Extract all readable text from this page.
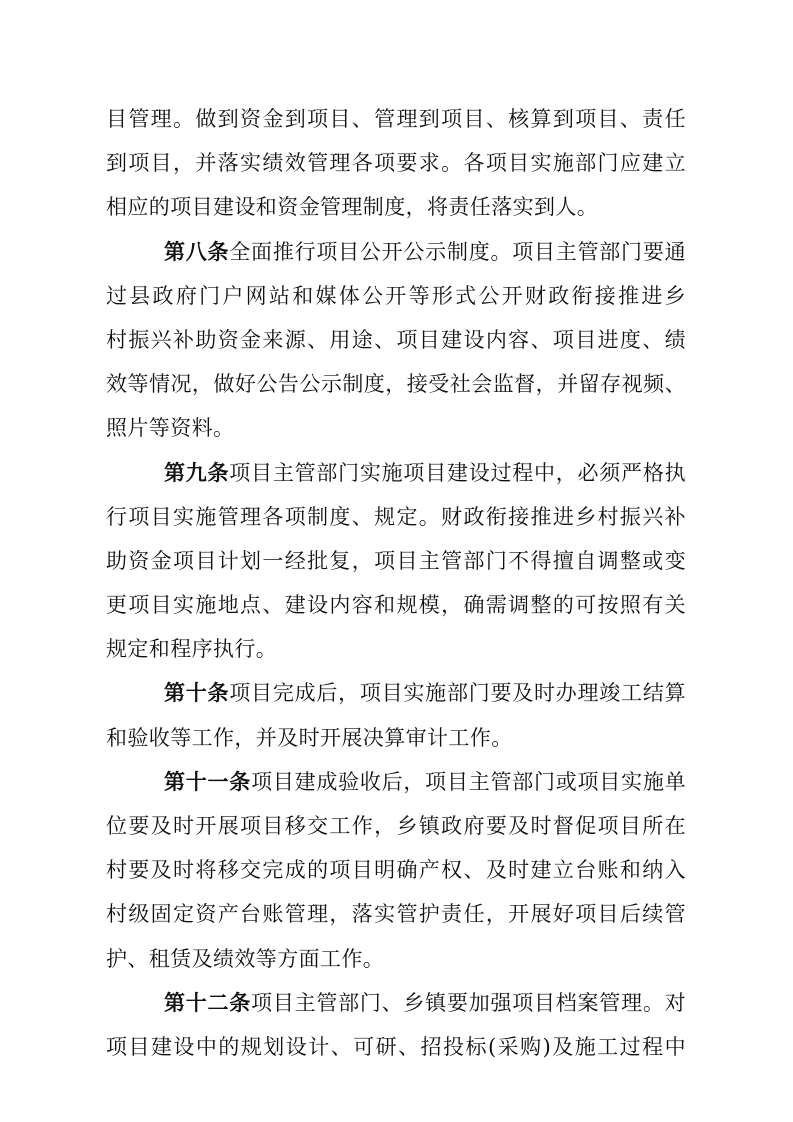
目管理。做到资金到项目、管理到项目、核算到项目、责任
到项目，并落实绩效管理各项要求。各项目实施部门应建立
相应的项目建设和资金管理制度，将责任落实到人。
第八条全面推行项目公开公示制度。项目主管部门要通
过县政府门户网站和媒体公开等形式公开财政衔接推进乡
村振兴补助资金来源、用途、项目建设内容、项目进度、绩
效等情况，做好公告公示制度，接受社会监督，并留存视频、
照片等资料。
第九条项目主管部门实施项目建设过程中，必须严格执
行项目实施管理各项制度、规定。财政衔接推进乡村振兴补
助资金项目计划一经批复，项目主管部门不得擅自调整或变
更项目实施地点、建设内容和规模，确需调整的可按照有关
规定和程序执行。
第十条项目完成后，项目实施部门要及时办理竣工结算
和验收等工作，并及时开展决算审计工作。
第十一条项目建成验收后，项目主管部门或项目实施单
位要及时开展项目移交工作，乡镇政府要及时督促项目所在
村要及时将移交完成的项目明确产权、及时建立台账和纳入
村级固定资产台账管理，落实管护责任，开展好项目后续管
护、租赁及绩效等方面工作。
第十二条项目主管部门、乡镇要加强项目档案管理。对
项目建设中的规划设计、可研、招投标(采购)及施工过程中
